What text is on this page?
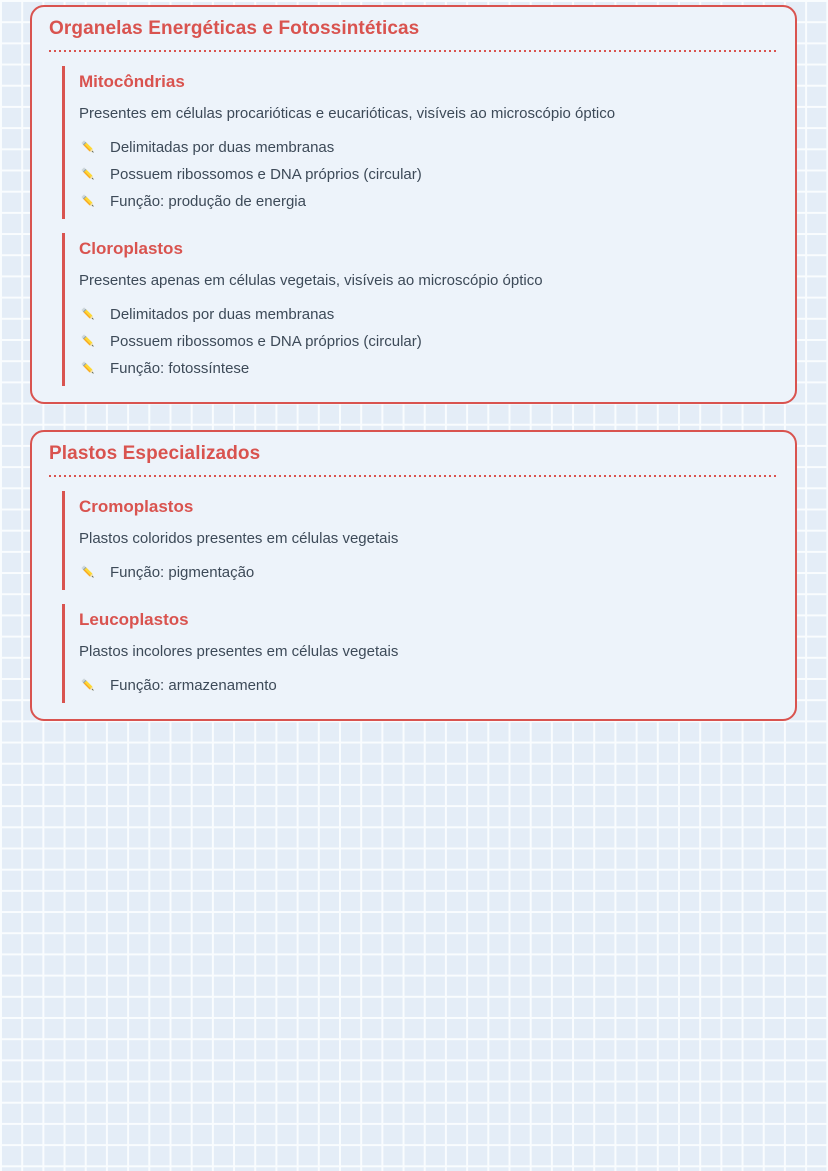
Organelas Energéticas e Fotossintéticas
Mitocôndrias

Presentes em células procarióticas e eucarióticas, visíveis ao microscópio óptico

Delimitadas por duas membranas
Possuem ribossomos e DNA próprios (circular)
Função: produção de energia
Cloroplastos

Presentes apenas em células vegetais, visíveis ao microscópio óptico

Delimitados por duas membranas
Possuem ribossomos e DNA próprios (circular)
Função: fotossíntese
Plastos Especializados
Cromoplastos

Plastos coloridos presentes em células vegetais

Função: pigmentação
Leucoplastos

Plastos incolores presentes em células vegetais

Função: armazenamento
